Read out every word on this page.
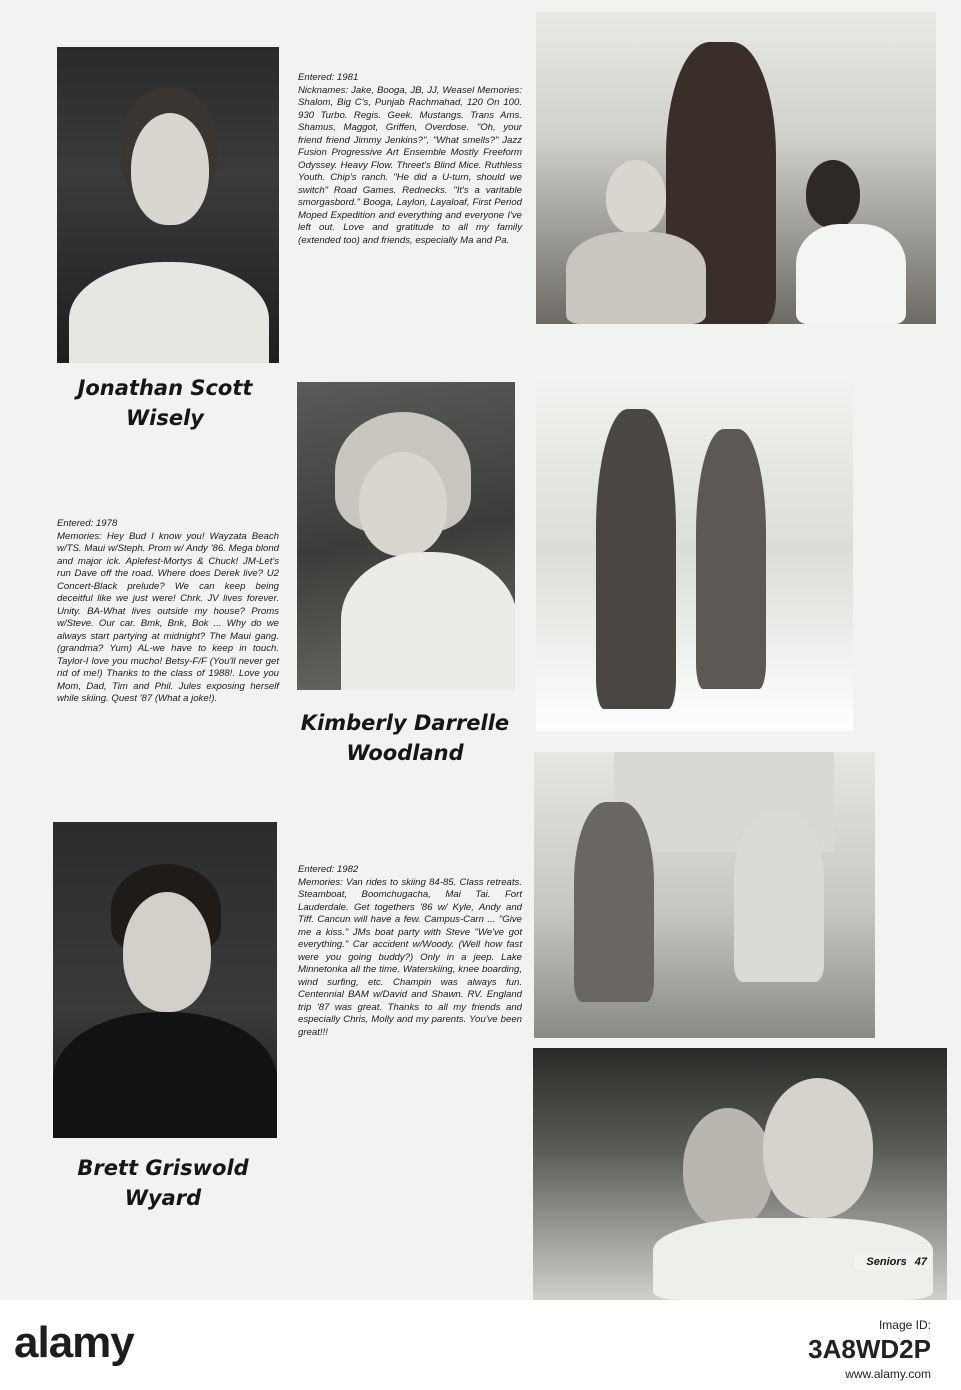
Jonathan Scott
Wisely

Entered: 1981

Nicknames: Jake, Booga, JB, JJ, Weasel Memories: Shalom, Big C's, Punjab Rachmahad, 120 On 100. 930 Turbo. Regis. Geek. Mustangs. Trans Ams. Shamus, Maggot, Griffen, Overdose. "Oh, your friend friend Jimmy Jenkins?", "What smells?" Jazz Fusion Progressive Art Ensemble Mostly Freeform Odyssey. Heavy Flow. Threet's Blind Mice. Ruthless Youth. Chip's ranch. "He did a U-turn, should we switch" Road Games. Rednecks. "It's a varitable smorgasbord." Booga, Laylon, Layaloaf, First Period Moped Expedition and everything and everyone I've left out. Love and gratitude to all my family (extended too) and friends, especially Ma and Pa.

Kimberly Darrelle
Woodland

Entered: 1978

Memories: Hey Bud I know you! Wayzata Beach w/TS. Maui w/Steph. Prom w/ Andy '86. Mega blond and major ick. Aplefest-Mortys & Chuck! JM-Let's run Dave off the road. Where does Derek live? U2 Concert-Black prelude? We can keep being deceitful like we just were! Chrk. JV lives forever. Unity. BA-What lives outside my house? Proms w/Steve. Our car. Bmk, Bnk, Bok ... Why do we always start partying at midnight? The Maui gang. (grandma? Yum) AL-we have to keep in touch. Taylor-I love you mucho! Betsy-F/F (You'll never get rid of me!) Thanks to the class of 1988!. Love you Mom, Dad, Tim and Phil. Jules exposing herself while skiing. Quest '87 (What a joke!).

Brett Griswold
Wyard

Entered: 1982

Memories: Van rides to skiing 84-85. Class retreats. Steamboat, Boomchugacha, Mai Tai. Fort Lauderdale. Get togethers '86 w/ Kyle, Andy and Tiff. Cancun will have a few. Campus-Carn ... "Give me a kiss." JMs boat party with Steve "We've got everything." Car accident w/Woody. (Well how fast were you going buddy?) Only in a jeep. Lake Minnetonka all the time. Waterskiing, knee boarding, wind surfing, etc. Champin was always fun. Centennial BAM w/David and Shawn. RV. England trip '87 was great. Thanks to all my friends and especially Chris, Molly and my parents. You've been great!!!

Seniors 47
alamy	Image ID:
3A8WD2P
www.alamy.com
